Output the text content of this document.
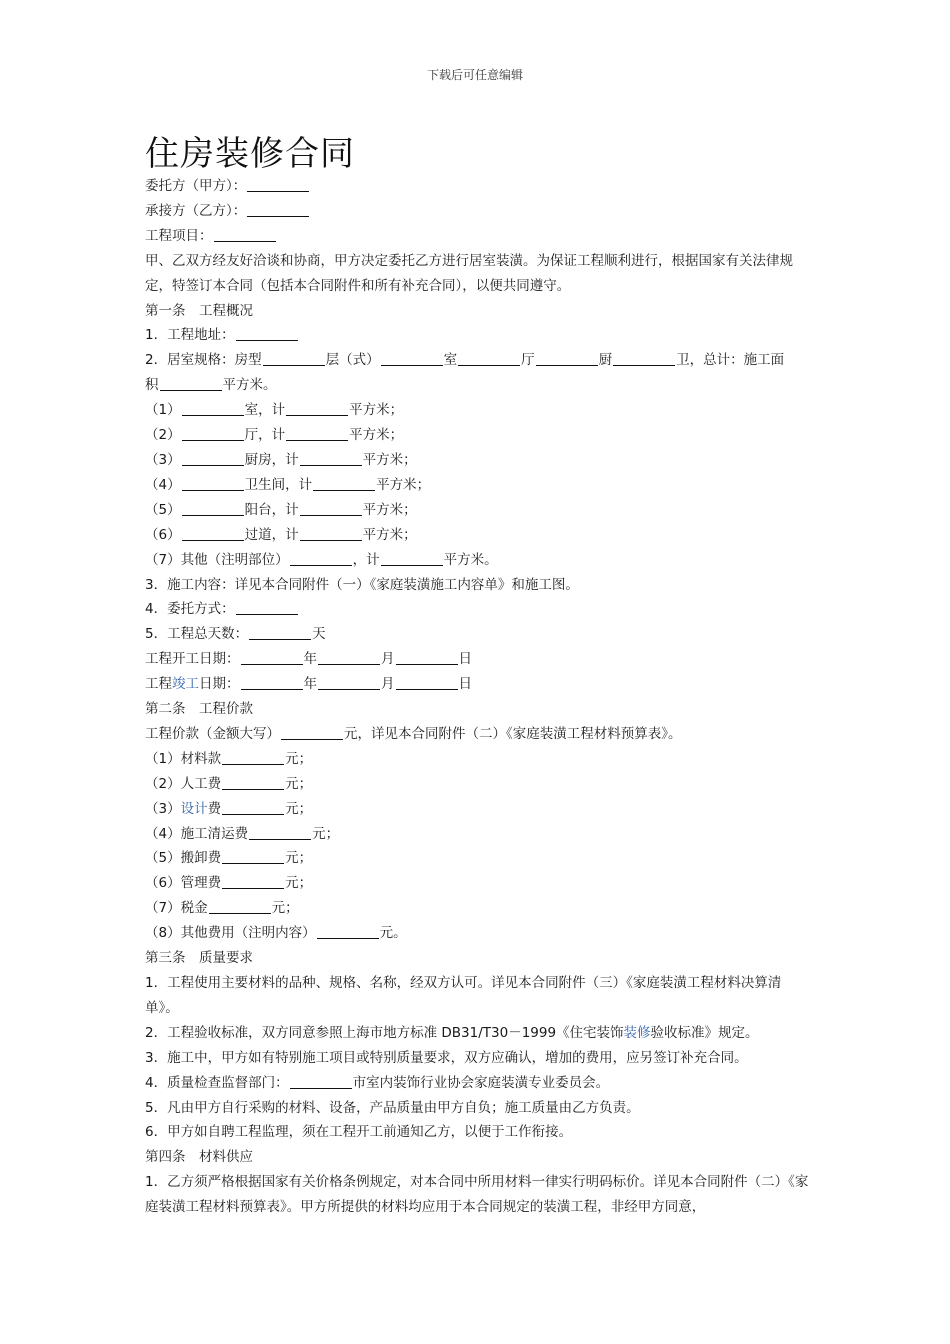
下载后可任意编辑
住房装修合同

委托方（甲方）：

承接方（乙方）：

工程项目：

甲、乙双方经友好洽谈和协商，甲方决定委托乙方进行居室装潢。为保证工程顺利进行，根据国家有关法律规定，特签订本合同（包括本合同附件和所有补充合同），以便共同遵守。

第一条　工程概况

1．工程地址：

2．居室规格：房型	层（式）	室	厅	厨	卫，总计：施工面

积	平方米。

（1）	室，计	平方米；

（2）	厅，计	平方米；

（3）	厨房，计	平方米；

（4）	卫生间，计	平方米；

（5）	阳台，计	平方米；

（6）	过道，计	平方米；

（7）其他（注明部位）	，计	平方米。

3．施工内容：详见本合同附件（一）《家庭装潢施工内容单》和施工图。

4．委托方式：

5．工程总天数：	天

工程开工日期：	年	月	日

工程竣工日期：	年	月	日

第二条　工程价款

工程价款（金额大写）	元，详见本合同附件（二）《家庭装潢工程材料预算表》。

（1）材料款	元；

（2）人工费	元；

（3）设计费	元；

（4）施工清运费	元；

（5）搬卸费	元；

（6）管理费	元；

（7）税金	元；

（8）其他费用（注明内容）	元。

第三条　质量要求

1．工程使用主要材料的品种、规格、名称，经双方认可。详见本合同附件（三）《家庭装潢工程材料决算清单》。

2．工程验收标准，双方同意参照上海市地方标准 DB31/T30－1999《住宅装饰装修验收标准》规定。

3．施工中，甲方如有特别施工项目或特别质量要求，双方应确认，增加的费用，应另签订补充合同。

4．质量检查监督部门：	市室内装饰行业协会家庭装潢专业委员会。

5．凡由甲方自行采购的材料、设备，产品质量由甲方自负；施工质量由乙方负责。

6．甲方如自聘工程监理，须在工程开工前通知乙方，以便于工作衔接。

第四条　材料供应

1．乙方须严格根据国家有关价格条例规定，对本合同中所用材料一律实行明码标价。详见本合同附件（二）《家庭装潢工程材料预算表》。甲方所提供的材料均应用于本合同规定的装潢工程，非经甲方同意，
